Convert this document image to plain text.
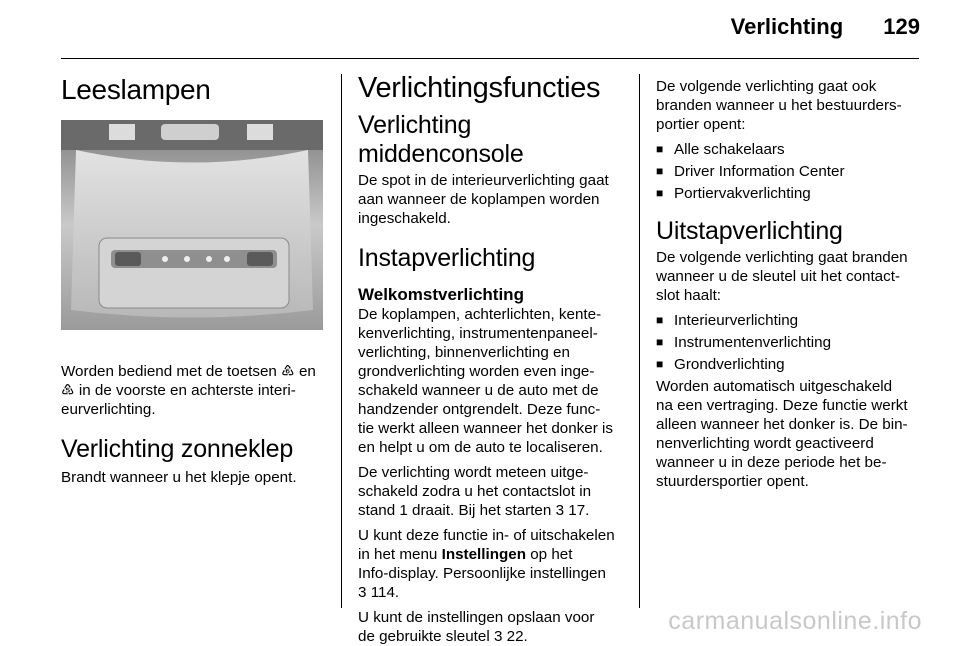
Verlichting 129
Leeslampen

Worden bediend met de toetsen ♸ en
♷ in de voorste en achterste interi-
eurverlichting.

Verlichting zonneklep

Brandt wanneer u het klepje opent.

Verlichtingsfuncties
Verlichting middenconsole

De spot in de interieurverlichting gaat
aan wanneer de koplampen worden
ingeschakeld.

Instapverlichting
Welkomstverlichting

De koplampen, achterlichten, kente-
kenverlichting, instrumentenpaneel-
verlichting, binnenverlichting en
grondverlichting worden even inge-
schakeld wanneer u de auto met de
handzender ontgrendelt. Deze func-
tie werkt alleen wanneer het donker is
en helpt u om de auto te localiseren.

De verlichting wordt meteen uitge-
schakeld zodra u het contactslot in
stand 1 draait. Bij het starten 3 17.

U kunt deze functie in- of uitschakelen
in het menu Instellingen op het
Info-display. Persoonlijke instellingen
3 114.

U kunt de instellingen opslaan voor
de gebruikte sleutel 3 22.

De volgende verlichting gaat ook
branden wanneer u het bestuurders-
portier opent:

■ Alle schakelaars
■ Driver Information Center
■ Portiervakverlichting
Uitstapverlichting

De volgende verlichting gaat branden
wanneer u de sleutel uit het contact-
slot haalt:

■ Interieurverlichting
■ Instrumentenverlichting
■ Grondverlichting

Worden automatisch uitgeschakeld
na een vertraging. Deze functie werkt
alleen wanneer het donker is. De bin-
nenverlichting wordt geactiveerd
wanneer u in deze periode het be-
stuurdersportier opent.

carmanualsonline.info
